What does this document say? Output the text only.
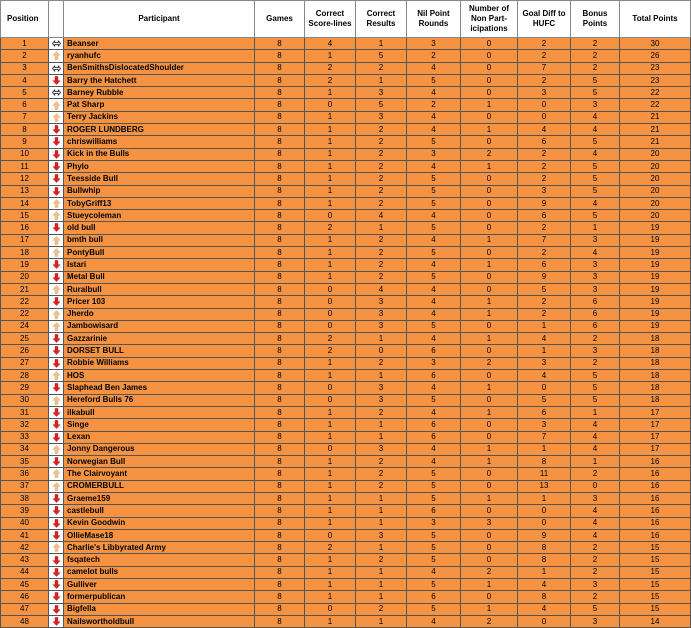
Position		Participant	Games	Correct Score-lines	Correct Results	Nil Point Rounds	Number of Non Part-icipations	Goal Diff to HUFC	Bonus Points	Total Points
1		Beanser	8	4	1	3	0	2	2	30
2		ryanhufc	8	1	5	2	0	2	2	26
3		BenSmithsDislocatedShoulder	8	2	2	4	0	7	2	23
4		Barry the Hatchett	8	2	1	5	0	2	5	23
5		Barney Rubble	8	1	3	4	0	3	5	22
6		Pat Sharp	8	0	5	2	1	0	3	22
7		Terry Jackins	8	1	3	4	0	0	4	21
8		ROGER LUNDBERG	8	1	2	4	1	4	4	21
9		chriswilliams	8	1	2	5	0	6	5	21
10		Kick in the Bulls	8	1	2	3	2	2	4	20
11		Phylo	8	1	2	4	1	2	5	20
12		Teesside Bull	8	1	2	5	0	2	5	20
13		Bullwhip	8	1	2	5	0	3	5	20
14		TobyGriff13	8	1	2	5	0	9	4	20
15		Stueycoleman	8	0	4	4	0	6	5	20
16		old bull	8	2	1	5	0	2	1	19
17		bmth bull	8	1	2	4	1	7	3	19
18		PontyBull	8	1	2	5	0	2	4	19
19		Istari	8	1	2	4	1	6	3	19
20		Metal Bull	8	1	2	5	0	9	3	19
21		Ruralbull	8	0	4	4	0	5	3	19
22		Pricer 103	8	0	3	4	1	2	6	19
22		Jherdo	8	0	3	4	1	2	6	19
24		Jambowisard	8	0	3	5	0	1	6	19
25		Gazzarinie	8	2	1	4	1	4	2	18
26		DORSET BULL	8	2	0	6	0	1	3	18
27		Robbie Williams	8	1	2	3	2	3	2	18
28		HOS	8	1	1	6	0	4	5	18
29		Slaphead Ben James	8	0	3	4	1	0	5	18
30		Hereford Bulls 76	8	0	3	5	0	5	5	18
31		ilkabull	8	1	2	4	1	6	1	17
32		Singe	8	1	1	6	0	3	4	17
33		Lexan	8	1	1	6	0	7	4	17
34		Jonny Dangerous	8	0	3	4	1	1	4	17
35		Norwegian Bull	8	1	2	4	1	8	1	16
36		The Clairvoyant	8	1	2	5	0	11	2	16
37		CROMERBULL	8	1	2	5	0	13	0	16
38		Graeme159	8	1	1	5	1	1	3	16
39		castlebull	8	1	1	6	0	0	4	16
40		Kevin Goodwin	8	1	1	3	3	0	4	16
41		OllieMase18	8	0	3	5	0	9	4	16
42		Charlie's Libbyrated Army	8	2	1	5	0	8	2	15
43		fsqatech	8	1	2	5	0	8	2	15
44		camelot bulls	8	1	1	4	2	1	2	15
45		Gulliver	8	1	1	5	1	4	3	15
46		formerpublican	8	1	1	6	0	8	2	15
47		Bigfella	8	0	2	5	1	4	5	15
48		Nailswortholdbull	8	1	1	4	2	0	3	14
